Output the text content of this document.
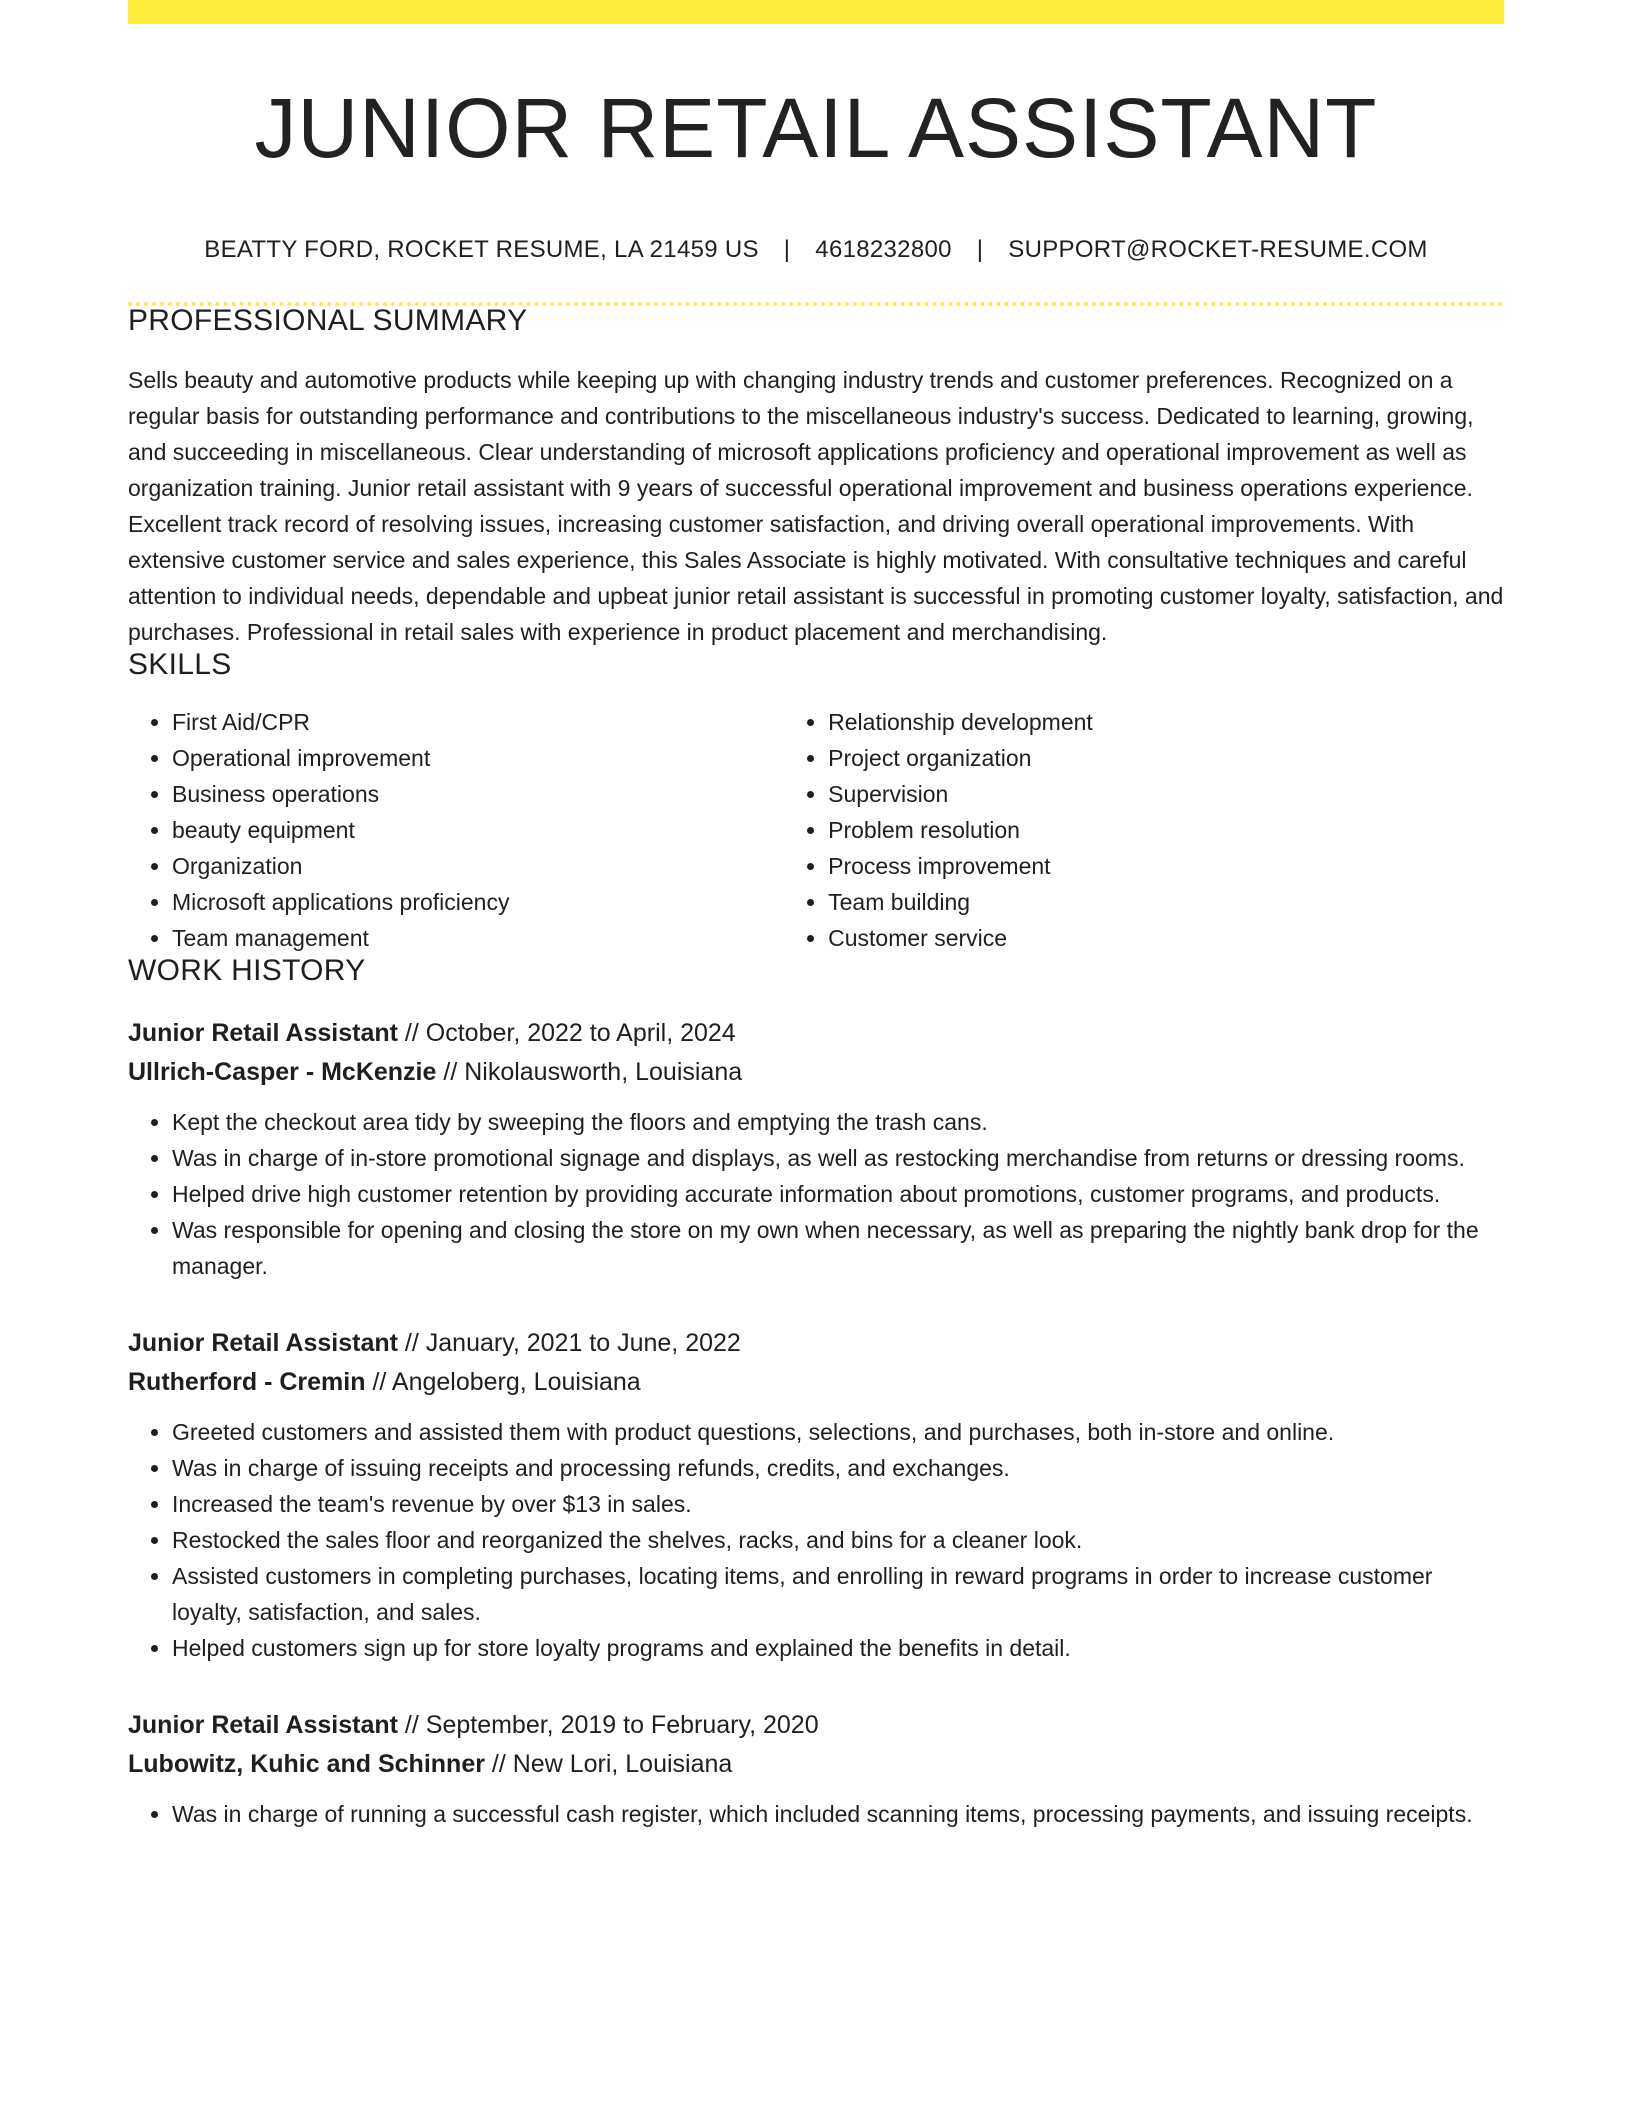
JUNIOR RETAIL ASSISTANT
BEATTY FORD, ROCKET RESUME, LA 21459 US | 4618232800 | SUPPORT@ROCKET-RESUME.COM
PROFESSIONAL SUMMARY

Sells beauty and automotive products while keeping up with changing industry trends and customer preferences. Recognized on a regular basis for outstanding performance and contributions to the miscellaneous industry's success. Dedicated to learning, growing, and succeeding in miscellaneous. Clear understanding of microsoft applications proficiency and operational improvement as well as organization training. Junior retail assistant with 9 years of successful operational improvement and business operations experience. Excellent track record of resolving issues, increasing customer satisfaction, and driving overall operational improvements. With extensive customer service and sales experience, this Sales Associate is highly motivated. With consultative techniques and careful attention to individual needs, dependable and upbeat junior retail assistant is successful in promoting customer loyalty, satisfaction, and purchases. Professional in retail sales with experience in product placement and merchandising.

SKILLS
• First Aid/CPR
• Operational improvement
• Business operations
• beauty equipment
• Organization
• Microsoft applications proficiency
• Team management
• Relationship development
• Project organization
• Supervision
• Problem resolution
• Process improvement
• Team building
• Customer service
WORK HISTORY
Junior Retail Assistant // October, 2022 to April, 2024
Ullrich-Casper - McKenzie // Nikolausworth, Louisiana
• Kept the checkout area tidy by sweeping the floors and emptying the trash cans.
• Was in charge of in-store promotional signage and displays, as well as restocking merchandise from returns or dressing rooms.
• Helped drive high customer retention by providing accurate information about promotions, customer programs, and products.
• Was responsible for opening and closing the store on my own when necessary, as well as preparing the nightly bank drop for the manager.
Junior Retail Assistant // January, 2021 to June, 2022
Rutherford - Cremin // Angeloberg, Louisiana
• Greeted customers and assisted them with product questions, selections, and purchases, both in-store and online.
• Was in charge of issuing receipts and processing refunds, credits, and exchanges.
• Increased the team's revenue by over $13 in sales.
• Restocked the sales floor and reorganized the shelves, racks, and bins for a cleaner look.
• Assisted customers in completing purchases, locating items, and enrolling in reward programs in order to increase customer loyalty, satisfaction, and sales.
• Helped customers sign up for store loyalty programs and explained the benefits in detail.
Junior Retail Assistant // September, 2019 to February, 2020
Lubowitz, Kuhic and Schinner // New Lori, Louisiana
• Was in charge of running a successful cash register, which included scanning items, processing payments, and issuing receipts.
